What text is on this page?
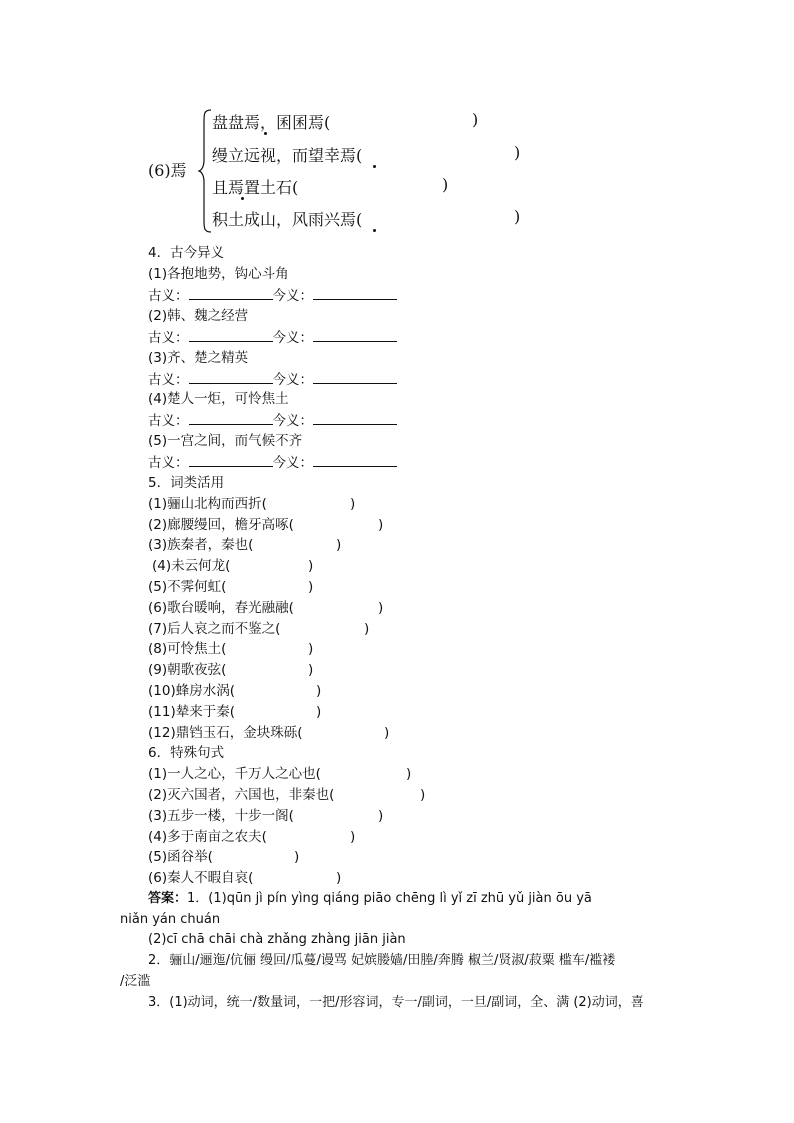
(6)焉
盘盘焉，囷囷焉(	)
缦立远视，而望幸焉(	)
且焉置土石(	)
积土成山，风雨兴焉(	)
4．古今异义
(1)各抱地势，钩心斗角
古义：	今义：
(2)韩、魏之经营
古义：	今义：
(3)齐、楚之精英
古义：	今义：
(4)楚人一炬，可怜焦土
古义：	今义：
(5)一宫之间，而气候不齐
古义：	今义：
5．词类活用
(1)骊山北构而西折(	)
(2)廊腰缦回，檐牙高啄(	)
(3)族秦者，秦也(	)
(4)未云何龙(	)
(5)不霁何虹(	)
(6)歌台暖响，春光融融(	)
(7)后人哀之而不鉴之(	)
(8)可怜焦土(	)
(9)朝歌夜弦(	)
(10)蜂房水涡(	)
(11)辇来于秦(	)
(12)鼎铛玉石，金块珠砾(	)
6．特殊句式
(1)一人之心，千万人之心也(	)
(2)灭六国者，六国也，非秦也(	)
(3)五步一楼，十步一阁(	)
(4)多于南亩之农夫(	)
(5)函谷举(	)
(6)秦人不暇自哀(	)
答案：1．(1)qūn jì pín yìng qiáng piāo chēng lì yǐ zī zhū yǔ jiàn ōu yā
niǎn yán chuán
(2)cī chā chāi chà zhǎng zhàng jiān jiàn
2．骊山/逦迤/伉俪 缦回/瓜蔓/谩骂 妃嫔媵嫱/田塍/奔腾 椒兰/贤淑/菽粟 槛车/褴褛
/泛滥
3．(1)动词，统一/数量词，一把/形容词，专一/副词，一旦/副词，全、满 (2)动词，喜
